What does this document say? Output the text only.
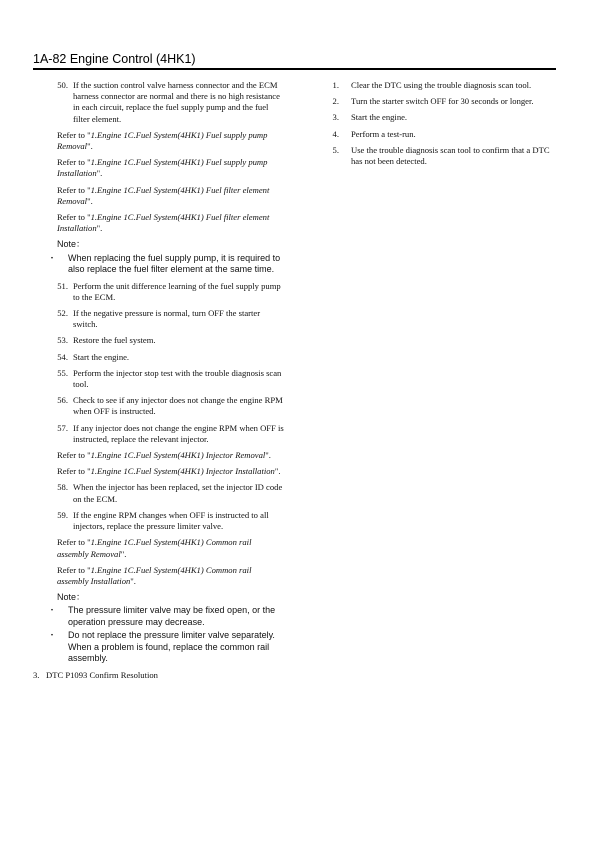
1A-82 Engine Control (4HK1)
50. If the suction control valve harness connector and the ECM harness connector are normal and there is no high resistance in each circuit, replace the fuel supply pump and the fuel filter element.
Refer to "1.Engine 1C.Fuel System(4HK1) Fuel supply pump Removal".
Refer to "1.Engine 1C.Fuel System(4HK1) Fuel supply pump Installation".
Refer to "1.Engine 1C.Fuel System(4HK1) Fuel filter element Removal".
Refer to "1.Engine 1C.Fuel System(4HK1) Fuel filter element Installation".
Note：
・	When replacing the fuel supply pump, it is required to also replace the fuel filter element at the same time.
51. Perform the unit difference learning of the fuel supply pump to the ECM.
52. If the negative pressure is normal, turn OFF the starter switch.
53. Restore the fuel system.
54. Start the engine.
55. Perform the injector stop test with the trouble diagnosis scan tool.
56. Check to see if any injector does not change the engine RPM when OFF is instructed.
57. If any injector does not change the engine RPM when OFF is instructed, replace the relevant injector.
Refer to "1.Engine 1C.Fuel System(4HK1) Injector Removal".
Refer to "1.Engine 1C.Fuel System(4HK1) Injector Installation".
58. When the injector has been replaced, set the injector ID code on the ECM.
59. If the engine RPM changes when OFF is instructed to all injectors, replace the pressure limiter valve.
Refer to "1.Engine 1C.Fuel System(4HK1) Common rail assembly Removal".
Refer to "1.Engine 1C.Fuel System(4HK1) Common rail assembly Installation".
Note：
・	The pressure limiter valve may be fixed open, or the operation pressure may decrease.
・	Do not replace the pressure limiter valve separately. When a problem is found, replace the common rail assembly.
3. DTC P1093 Confirm Resolution
1.	Clear the DTC using the trouble diagnosis scan tool.
2.	Turn the starter switch OFF for 30 seconds or longer.
3.	Start the engine.
4.	Perform a test-run.
5.	Use the trouble diagnosis scan tool to confirm that a DTC has not been detected.
